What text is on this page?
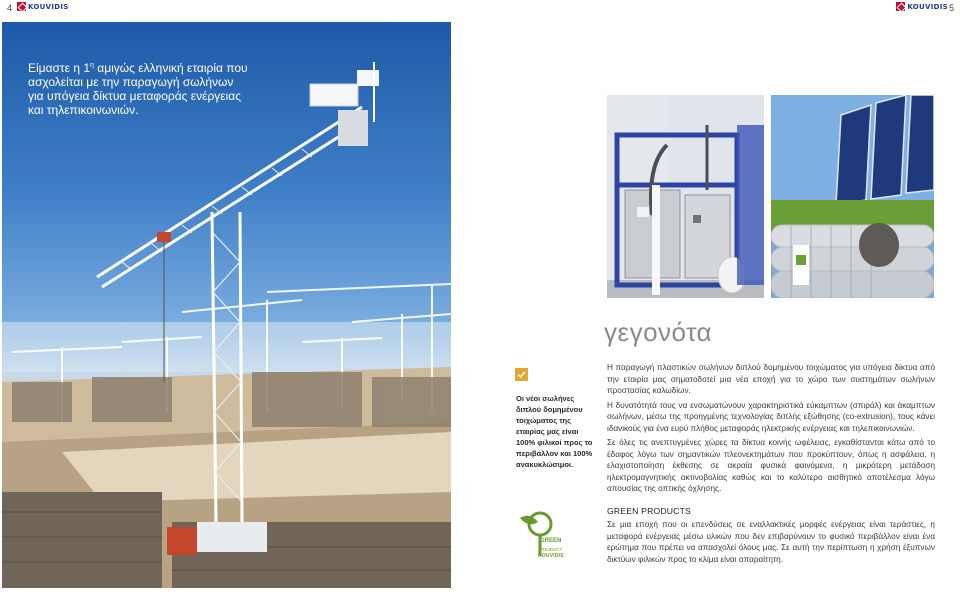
4 KOUVIDIS	KOUVIDIS 5
Είμαστε η $1^\eta$ αμιγώς ελληνική εταιρία που ασχολείται με την παραγωγή σωλήνων για υπόγεια δίκτυα μεταφοράς ενέργειας και τηλεπικοινωνιών.
γεγονότα
Οι νέοι σωλήνες διπλού δομημένου τοιχώματος της εταιρίας μας είναι 100% φιλικοί προς το περιβάλλον και 100% ανακυκλώσιμοι.

Η παραγωγή πλαστικών σωλήνων διπλού δομημένου τοιχώματος για υπόγεια δίκτυα από την εταιρία μας σηματοδοτεί μια νέα εποχή για το χώρο των συστημάτων σωλήνων προστασίας καλωδίων.

Η δυνατότητά τους να ενσωματώνουν χαρακτηριστικά εύκαμπτων (σπιράλ) και άκαμπτων σωλήνων, μέσω της προηγμένης τεχνολογίας διπλής εξώθησης (co-extrusion), τους κάνει ιδανικούς για ένα ευρύ πλήθος μεταφοράς ηλεκτρικής ενέργειας και τηλεπικοινωνιών.

Σε όλες τις ανεπτυγμένες χώρες τα δίκτυα κοινής ωφέλειας, εγκαθίστανται κάτω από το έδαφος λόγω των σημαντικών πλεονεκτημάτων που προκύπτουν, όπως η ασφάλεια, η ελαχιστοποίηση έκθεσης σε ακραία φυσικά φαινόμενα, η μικρότερη μετάδοση ηλεκτρομαγνητικής ακτινοβολίας καθώς και το καλύτερο αισθητικό αποτέλεσμα λόγω απουσίας της οπτικής όχλησης.

GREEN PRODUCTS

Σε μια εποχή που οι επενδύσεις σε εναλλακτικές μορφές ενέργειας είναι τεράστιες, η μεταφορά ενέργειας μέσω υλικών που δεν επιβαρύνουν το φυσικό περιβάλλον είναι ένα ερώτημα που πρέπει να απασχολεί όλους μας. Σε αυτή την περίπτωση η χρήση έξυπνων δικτύων φιλικών προς το κλίμα είναι απαραίτητη.

GREEN
PRODUCT
KOUVIDIS
